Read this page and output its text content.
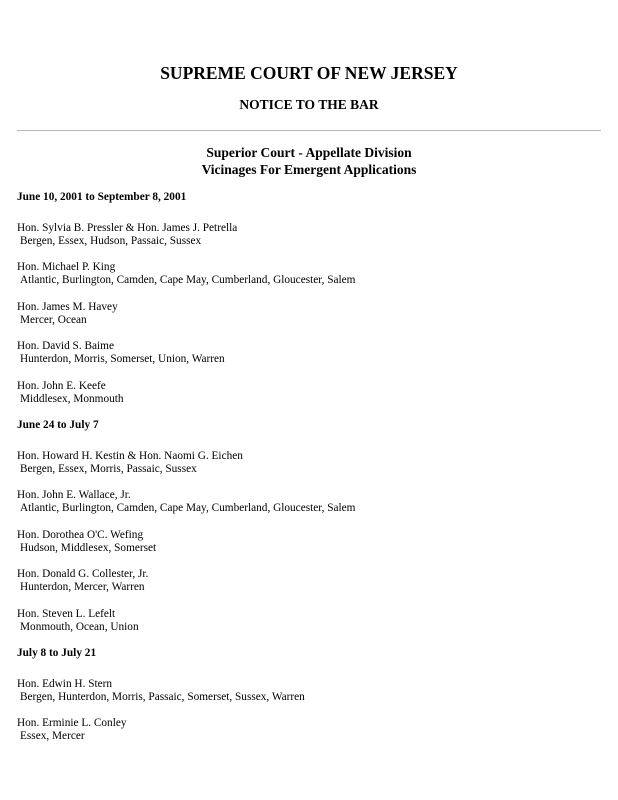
SUPREME COURT OF NEW JERSEY
NOTICE TO THE BAR
Superior Court - Appellate Division
Vicinages For Emergent Applications
June 10, 2001 to September 8, 2001
Hon. Sylvia B. Pressler & Hon. James J. Petrella
Bergen, Essex, Hudson, Passaic, Sussex
Hon. Michael P. King
Atlantic, Burlington, Camden, Cape May, Cumberland, Gloucester, Salem
Hon. James M. Havey
Mercer, Ocean
Hon. David S. Baime
Hunterdon, Morris, Somerset, Union, Warren
Hon. John E. Keefe
Middlesex, Monmouth
June 24 to July 7
Hon. Howard H. Kestin & Hon. Naomi G. Eichen
Bergen, Essex, Morris, Passaic, Sussex
Hon. John E. Wallace, Jr.
Atlantic, Burlington, Camden, Cape May, Cumberland, Gloucester, Salem
Hon. Dorothea O'C. Wefing
Hudson, Middlesex, Somerset
Hon. Donald G. Collester, Jr.
Hunterdon, Mercer, Warren
Hon. Steven L. Lefelt
Monmouth, Ocean, Union
July 8 to July 21
Hon. Edwin H. Stern
Bergen, Hunterdon, Morris, Passaic, Somerset, Sussex, Warren
Hon. Erminie L. Conley
Essex, Mercer
